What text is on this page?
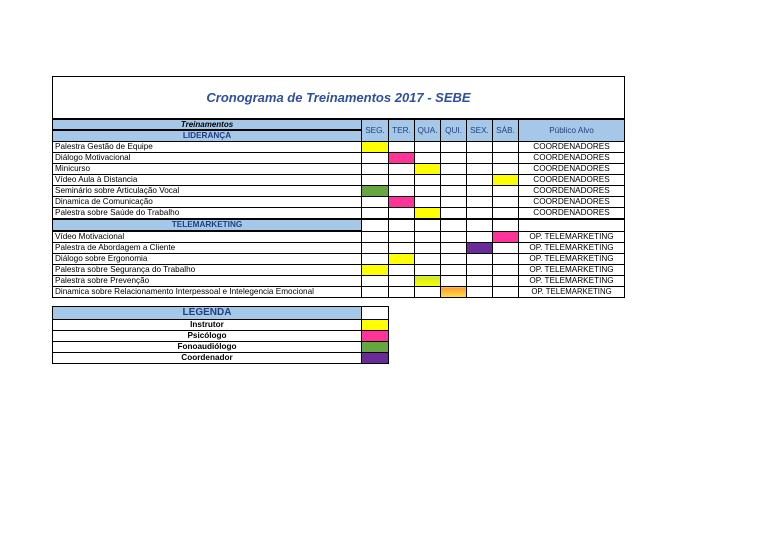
Cronograma de Treinamentos 2017 - SEBE
Treinamentos
LIDERANÇA	SEG.	TER.	QUA.	QUI.	SEX.	SÁB.	Público Alvo
Palestra Gestão de Equipe							COORDENADORES
Diálogo Motivacional							COORDENADORES
Minicurso							COORDENADORES
Vídeo Aula à Distancia							COORDENADORES
Seminário sobre Articulação Vocal							COORDENADORES
Dinamica de Comunicação							COORDENADORES
Palestra sobre Saúde do Trabalho							COORDENADORES
TELEMARKETING							
Vídeo Motivacional							OP. TELEMARKETING
Palestra de Abordagem a Cliente							OP. TELEMARKETING
Diálogo sobre Ergonomia							OP. TELEMARKETING
Palestra sobre Segurança do Trabalho							OP. TELEMARKETING
Palestra sobre Prevenção							OP. TELEMARKETING
Dinamica sobre Relacionamento Interpessoal e Intelegencia Emocional							OP. TELEMARKETING
LEGENDA	
Instrutor	
Psicólogo	
Fonoaudiólogo	
Coordenador	
